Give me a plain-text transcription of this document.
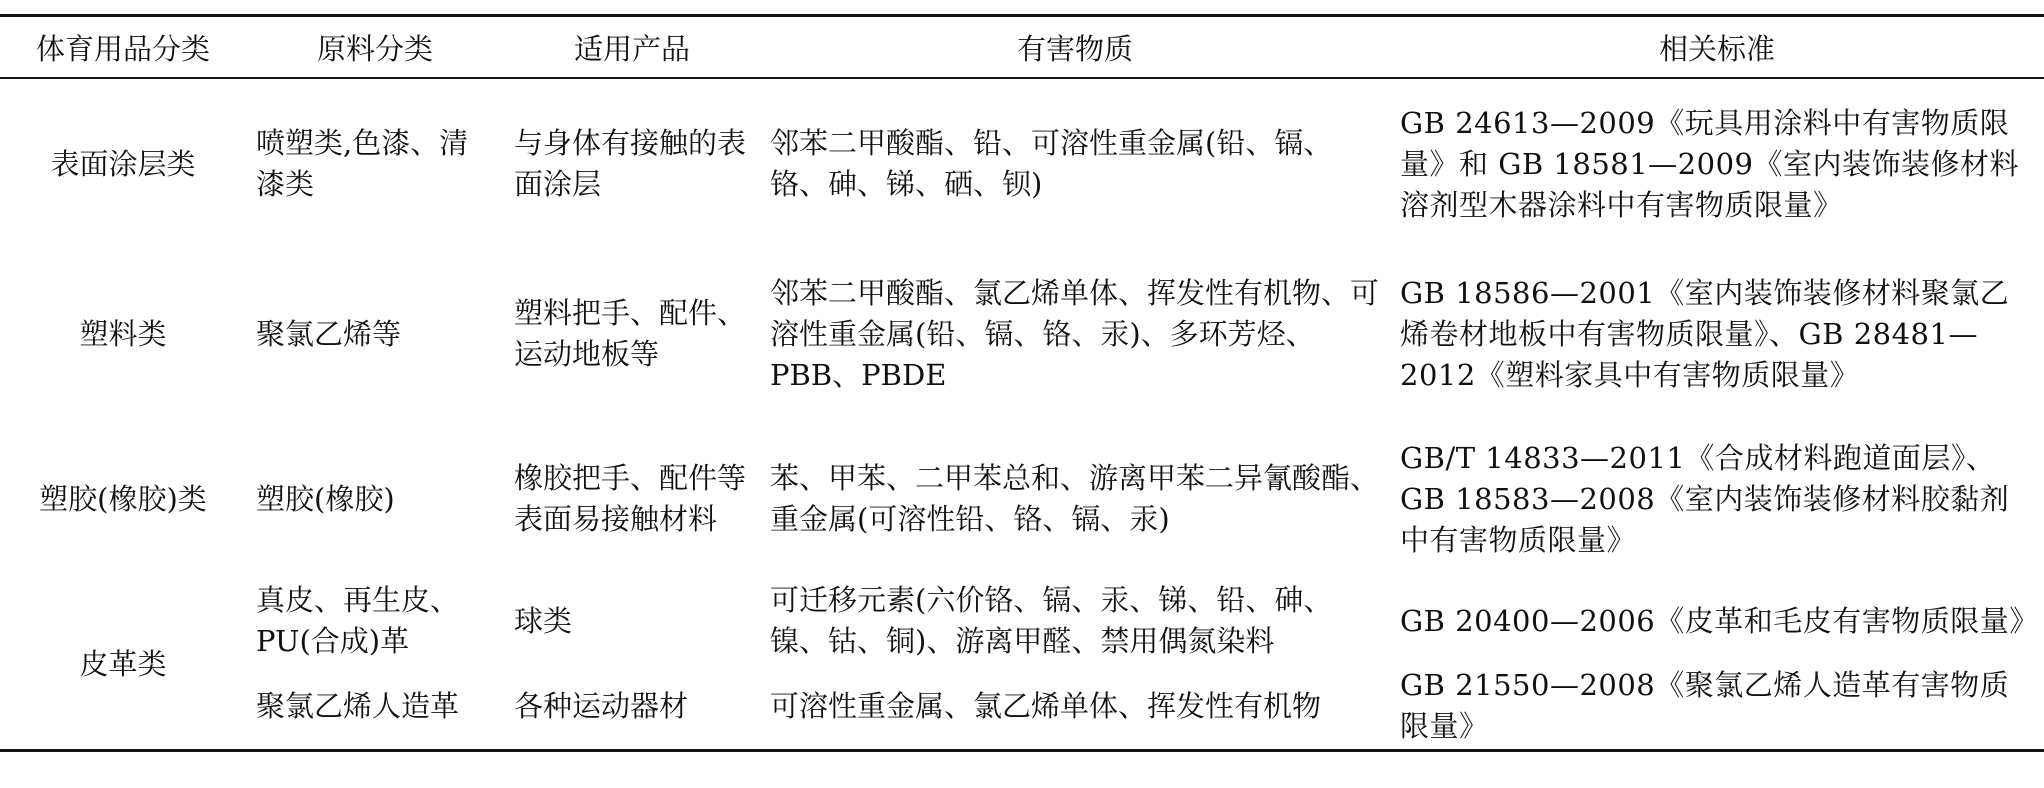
体育用品分类	原料分类	适用产品	有害物质	相关标准
表面涂层类	喷塑类,色漆、清漆类	与身体有接触的表面涂层	邻苯二甲酸酯、铅、可溶性重金属(铅、镉、铬、砷、锑、硒、钡)	GB 24613—2009《玩具用涂料中有害物质限量》和 GB 18581—2009《室内装饰装修材料溶剂型木器涂料中有害物质限量》
塑料类	聚氯乙烯等	塑料把手、配件、运动地板等	邻苯二甲酸酯、氯乙烯单体、挥发性有机物、可溶性重金属(铅、镉、铬、汞)、多环芳烃、PBB、PBDE	GB 18586—2001《室内装饰装修材料聚氯乙烯卷材地板中有害物质限量》、GB 28481—2012《塑料家具中有害物质限量》
塑胶(橡胶)类	塑胶(橡胶)	橡胶把手、配件等表面易接触材料	苯、甲苯、二甲苯总和、游离甲苯二异氰酸酯、重金属(可溶性铅、铬、镉、汞)	GB/T 14833—2011《合成材料跑道面层》、GB 18583—2008《室内装饰装修材料胶黏剂中有害物质限量》
皮革类	真皮、再生皮、PU(合成)革	球类	可迁移元素(六价铬、镉、汞、锑、铅、砷、镍、钴、铜)、游离甲醛、禁用偶氮染料	GB 20400—2006《皮革和毛皮有害物质限量》
	聚氯乙烯人造革	各种运动器材	可溶性重金属、氯乙烯单体、挥发性有机物	GB 21550—2008《聚氯乙烯人造革有害物质限量》
